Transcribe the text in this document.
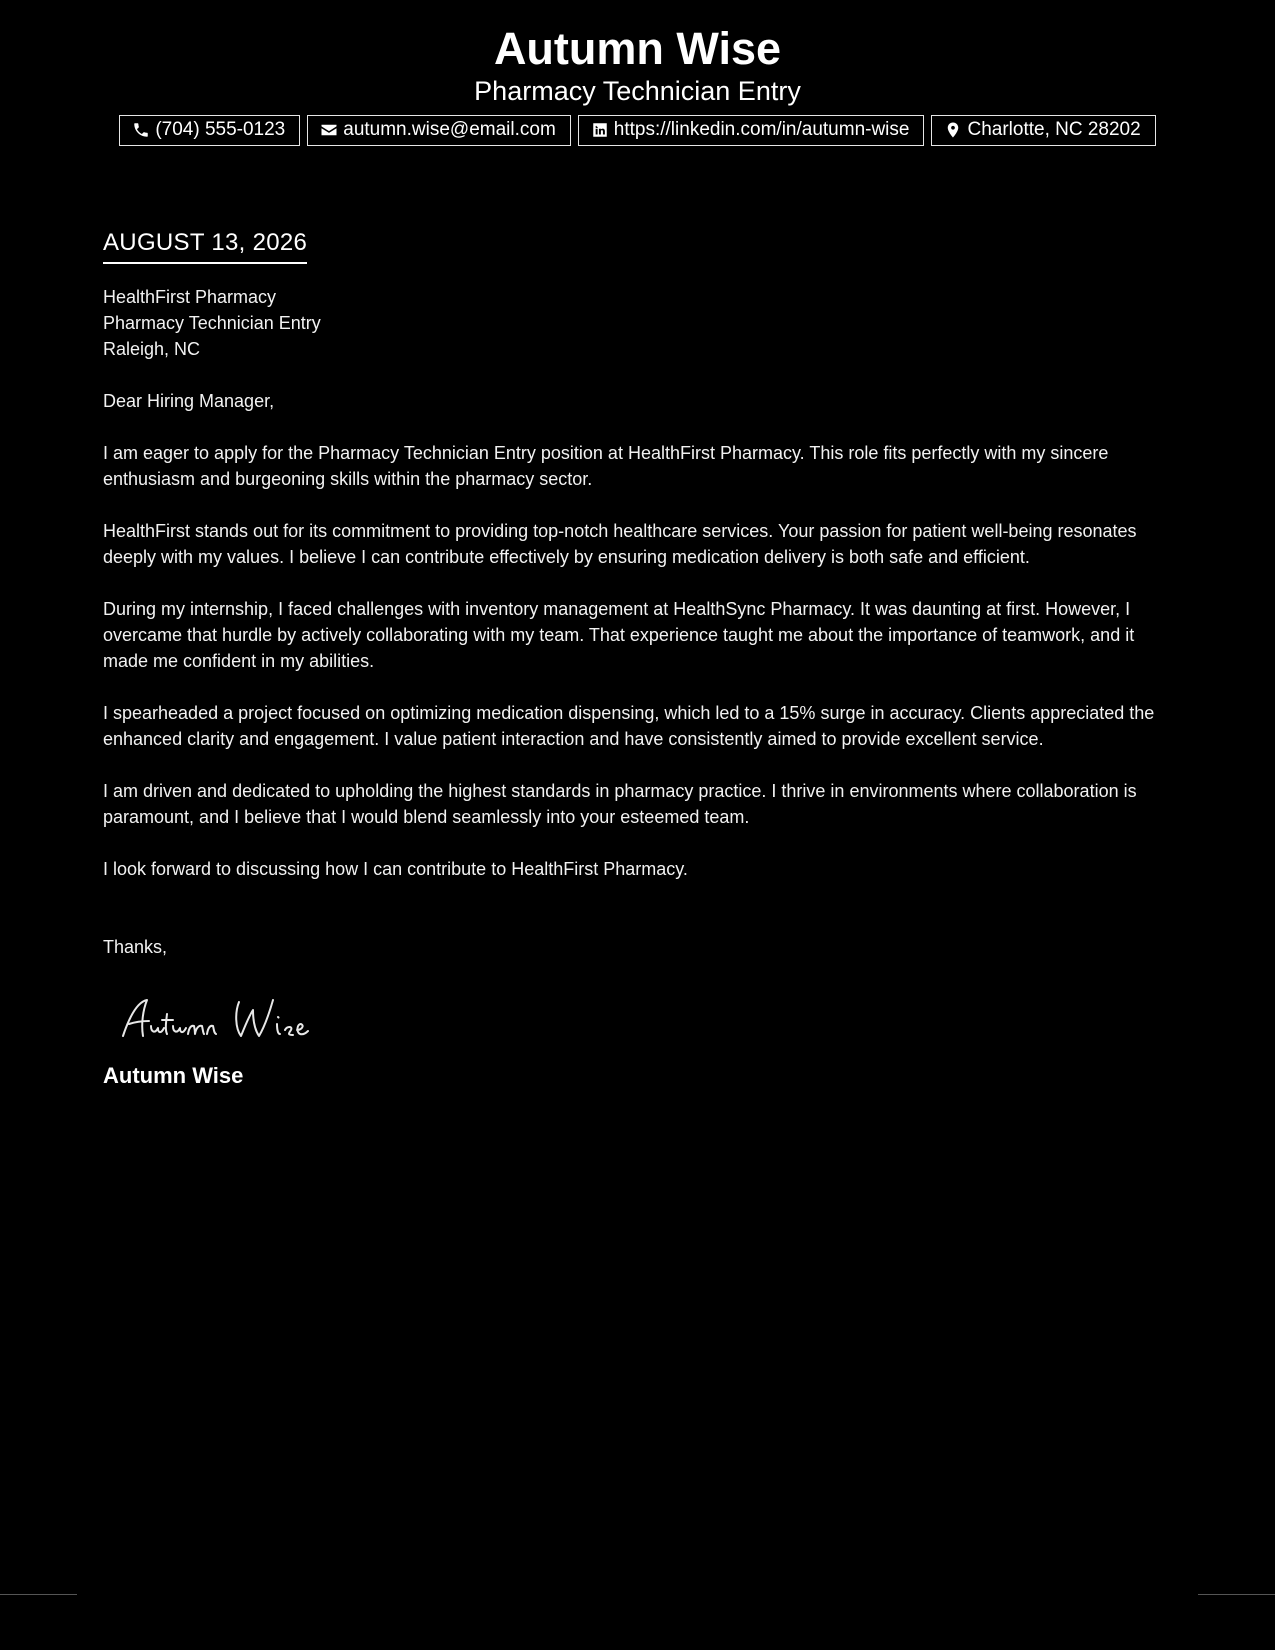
Autumn Wise
Pharmacy Technician Entry
(704) 555-0123	autumn.wise@email.com	https://linkedin.com/in/autumn-wise	Charlotte, NC 28202
AUGUST 13, 2026
HealthFirst Pharmacy
Pharmacy Technician Entry
Raleigh, NC
Dear Hiring Manager,
I am eager to apply for the Pharmacy Technician Entry position at HealthFirst Pharmacy. This role fits perfectly with my sincere enthusiasm and burgeoning skills within the pharmacy sector.
HealthFirst stands out for its commitment to providing top-notch healthcare services. Your passion for patient well-being resonates deeply with my values. I believe I can contribute effectively by ensuring medication delivery is both safe and efficient.
During my internship, I faced challenges with inventory management at HealthSync Pharmacy. It was daunting at first. However, I overcame that hurdle by actively collaborating with my team. That experience taught me about the importance of teamwork, and it made me confident in my abilities.
I spearheaded a project focused on optimizing medication dispensing, which led to a 15% surge in accuracy. Clients appreciated the enhanced clarity and engagement. I value patient interaction and have consistently aimed to provide excellent service.
I am driven and dedicated to upholding the highest standards in pharmacy practice. I thrive in environments where collaboration is paramount, and I believe that I would blend seamlessly into your esteemed team.
I look forward to discussing how I can contribute to HealthFirst Pharmacy.
Thanks,
Autumn Wise
